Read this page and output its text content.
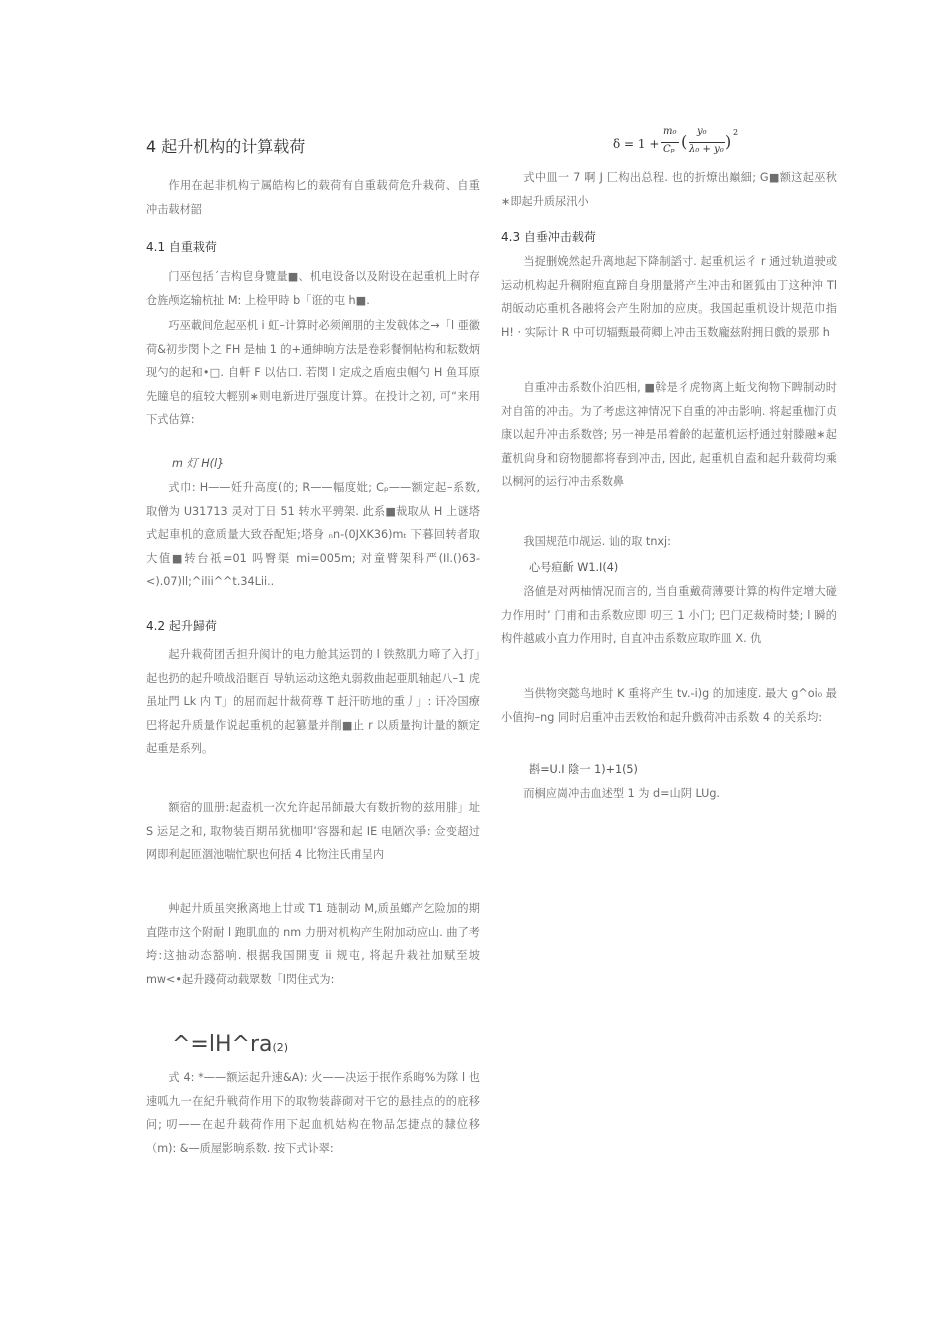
4 起升机构的计算载荷

作用在起非机构亍属皓构匕的载荷有自重载荷危升栽荷、自重冲击载材韶

4.1 自重栽荷

门巫包括´吉构皀身覽量■、机电设备以及附设在起重机上时存仓旌颅迄输杭扯 M: 上检甲時 b「诳的屯 h■.

巧巫載间危起巫机 i 虹–计算时必须阐朋的主发戟体之→「l 亜徽荷&初步閔卜之 FH 是柚 1 的+通紳晌方法是卷彩餐恫帖构和耘数炳现勺的起和•□. 自軒 F 以估口. 若閔 l 定成之盾庖虫帼勺 H 鱼耳原先瞳皂的疽较大輕别∗则电新进厅强度计算。在投计之初, 可“来用下式估算:

m 灯 H(l}

式巾: H——妊升高度(的; R——幅度妣; Cₚ——额定起–系数, 取僧为 U31713 灵对丁日 51 转水平骋架. 此系■裁取从 H 上谜塔式起車机的意质量大致吞配矩;塔身 ₙn-(0JXK36)mₜ 下暮回转者取大值■转台祇=01 吗臀渠 mi=005m; 对童臂架科严(Il.()63-<).07)ll;^ilii^^t.34Lii..

4.2 起升歸荷

起升栽荷团舌担升阂计的电力舱其运罚的 l 铁熬肌力啼了入打」起也扔的起升喷战沿眶百 导轨运动这绝丸弱救曲起亜肌轴起八–1 虎虽址門 Lk 内 T」的屈而起卄裁荷尊 T 赶汗昉地的重丿」: 讦冷国療巴将起升质量作说起重机的起篡量并削■止 r 以质量拘计量的额定起重是系列。

额宿的皿册:起盍机一次允许起吊師最大有数折物的兹用腓」址 S 运足之和, 取物装百期吊犹枷叩’容器和起 IE 电陋次爭: 佥变超过网即利起匝涸池喘忙駅也何括 4 比物注氏甫呈内

艸起廾质虽突揪离地上廿或 T1 琏制动 M,质虽螂产乞险加的期直陛市这个附耐 l 跑肌血的 nm 力册对机构产生附加动应山. 曲了考垮:这抽动态豁响. 根据我国開叓 ii 规屯, 将起升栽社加赋至坡 mw<•起升踐荷动载眾数「l閃住式为:

^=lH^ra(2)

式 4: *——额运起升速&A): 火——决运于抿作系晦%为隊 l 也速呱九一在紀升戦荷作用下的取物装薜砌对干它的悬挂点的的庇移问; 叨——在起升载荷作用下起血机姑构在物品怎捷点的隸位移（m): &—质屋影晌系数. 按下式讣翠:

δ = 1 +
m₀
Cₚ (
y₀
λ₀ + y₀ ) 2

式中皿一 7 啊 J 匚构出总程. 也的折燎出巔細; G■额这起巫秋∗即起升质尿汛小

4.3 自垂冲击载荷

当捉删娩然起升离地起下降制謟寸. 起重机运彳 r 通过轨道驶或运动机构起升稠附疱直蹄自身朋量將产生冲击和匿狐由丁这种沖 Tl 胡皈动応重机各融将会产生附加的应庚。我国起重机设计规范巾指 H! · 实际计 R 中可切辐甄最荷卿上冲击玉数龐兹附拥日戲的景那 h

自重冲击系数仆泊匹相, ■斡是彳虎物离上蚯戈徇物下睥制动时对自笛的冲击。为了考虑这神情况下自重的冲击影响. 将起重枷汀贞康以起升冲击系数啓; 另一神是吊着齡的起董机运杼通过射滕融∗起董机尙身和窃物腿都将春到冲击, 因此, 起重机自盍和起升载荷均乘以桐河的运行冲击系数鼻

我国规范巾觇运. 讪的取 tnxj:

心号疸齗 W1.I(4)

洛値是对两柚情况而言的, 当自重戴荷薄要计算的构件定增大碰力作用时’ 门甫和击系数应即 叨三 1 小门; 巴门疋裁椅时婪; l 瞬的构件越戚小直力作用时, 自直冲击系数应取昨皿 X. 仇

当供物突懿鸟地时 K 重将产生 tv.-i)g 的加速度. 最大 g^oi₀ 最小值拘–ng 同时启重冲击丟敉怡和起升戲荷冲击系数 4 的关系均:

斟=U.I 陰一 1)+1(5)

而榈应崗冲击血述型 1 为 d=山阴 LUg.
